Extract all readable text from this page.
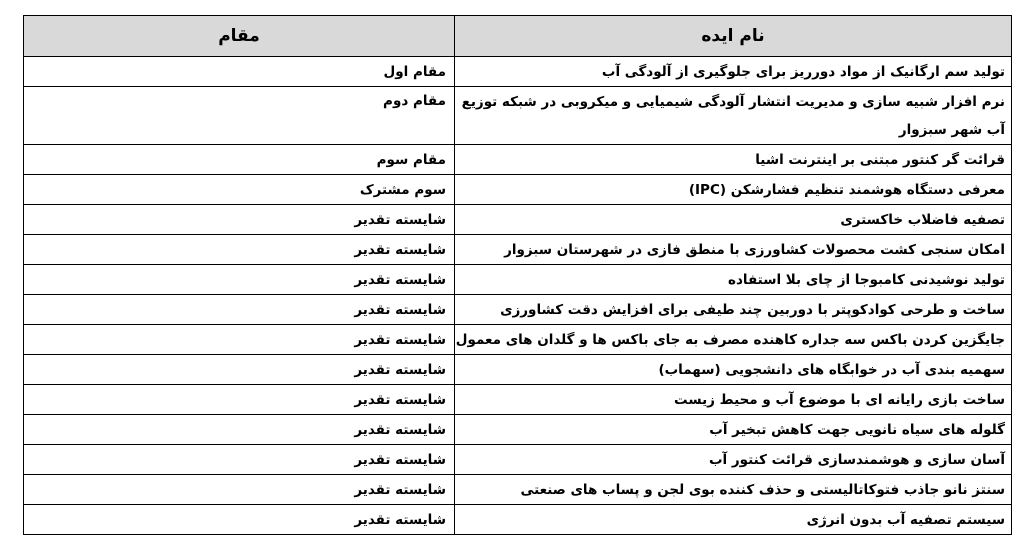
نام ایده	مقام
تولید سم ارگانیک از مواد دورریز برای جلوگیری از آلودگی آب	مقام اول
نرم افزار شبیه سازی و مدیریت انتشار آلودگی شیمیایی و میکروبی در شبکه توزیع آب شهر سبزوار	مقام دوم
قرائت گر کنتور مبتنی بر اینترنت اشیا	مقام سوم
معرفی دستگاه هوشمند تنظیم فشارشکن (IPC)	سوم مشترک
تصفیه فاضلاب خاکستری	شایسته تقدیر
امکان سنجی کشت محصولات کشاورزی با منطق فازی در شهرستان سبزوار	شایسته تقدیر
تولید نوشیدنی کامبوجا از چای بلا استفاده	شایسته تقدیر
ساخت و طرحی کوادکوپتر با دوربین چند طیفی برای افزایش دقت کشاورزی	شایسته تقدیر
جایگزین کردن باکس سه جداره کاهنده مصرف به جای باکس ها و گلدان های معمول	شایسته تقدیر
سهمیه بندی آب در خوابگاه های دانشجویی (سهماب)	شایسته تقدیر
ساخت بازی رایانه ای با موضوع آب و محیط زیست	شایسته تقدیر
گلوله های سیاه نانویی جهت کاهش تبخیر آب	شایسته تقدیر
آسان سازی و هوشمندسازی قرائت کنتور آب	شایسته تقدیر
سنتز نانو جاذب فتوکاتالیستی و حذف کننده بوی لجن و پساب های صنعتی	شایسته تقدیر
سیستم تصفیه آب بدون انرژی	شایسته تقدیر
